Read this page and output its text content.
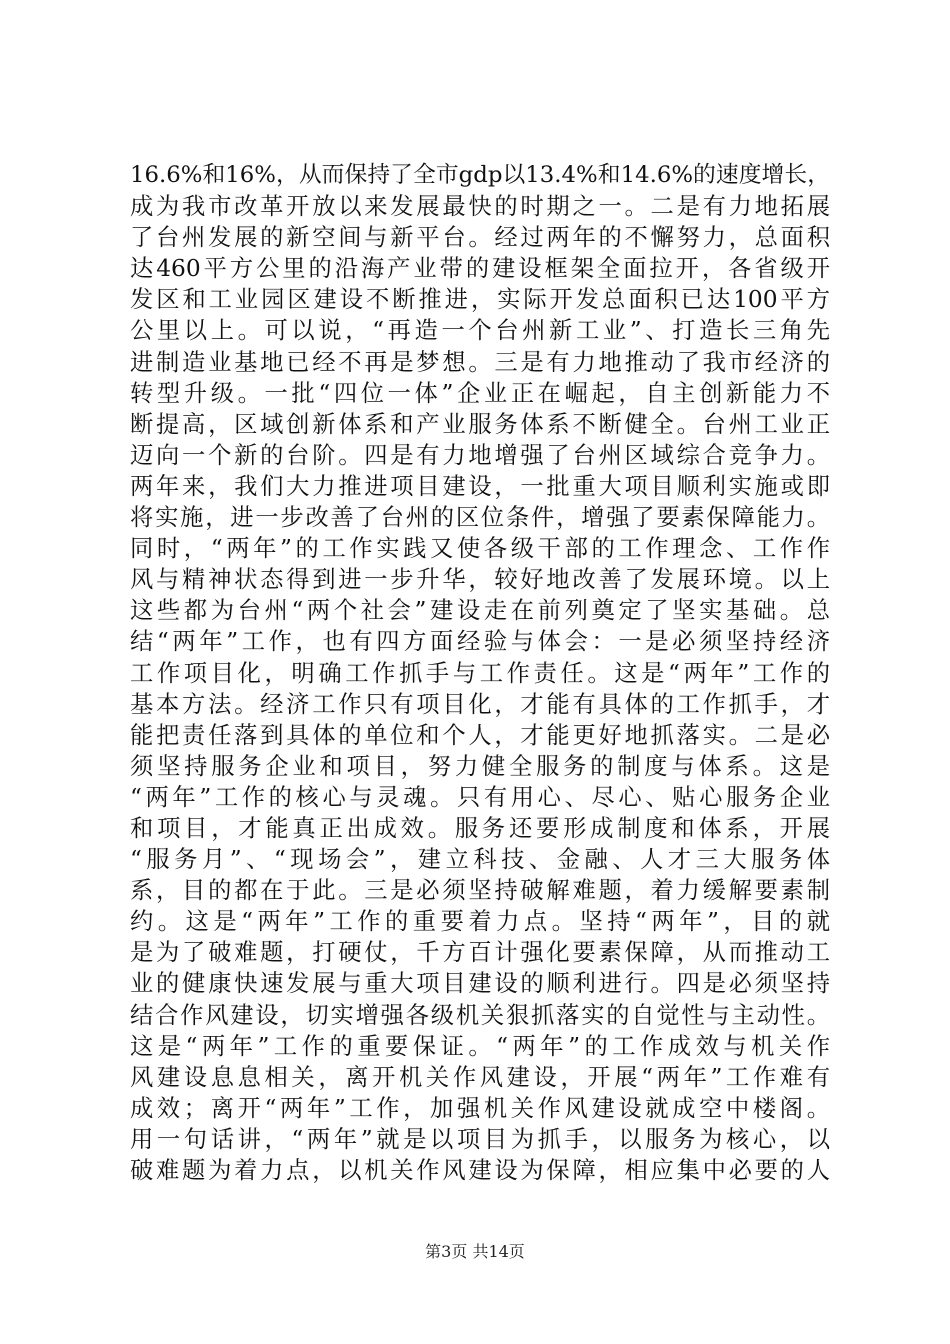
16.6%和16%，从而保持了全市gdp以13.4%和14.6%的速度增长，
成为我市改革开放以来发展最快的时期之一。二是有力地拓展
了台州发展的新空间与新平台。经过两年的不懈努力，总面积
达460平方公里的沿海产业带的建设框架全面拉开，各省级开
发区和工业园区建设不断推进，实际开发总面积已达100平方
公里以上。可以说，“再造一个台州新工业”、打造长三角先
进制造业基地已经不再是梦想。三是有力地推动了我市经济的
转型升级。一批“四位一体”企业正在崛起，自主创新能力不
断提高，区域创新体系和产业服务体系不断健全。台州工业正
迈向一个新的台阶。四是有力地增强了台州区域综合竞争力。
两年来，我们大力推进项目建设，一批重大项目顺利实施或即
将实施，进一步改善了台州的区位条件，增强了要素保障能力。
同时，“两年”的工作实践又使各级干部的工作理念、工作作
风与精神状态得到进一步升华，较好地改善了发展环境。以上
这些都为台州“两个社会”建设走在前列奠定了坚实基础。总
结“两年”工作，也有四方面经验与体会：一是必须坚持经济
工作项目化，明确工作抓手与工作责任。这是“两年”工作的
基本方法。经济工作只有项目化，才能有具体的工作抓手，才
能把责任落到具体的单位和个人，才能更好地抓落实。二是必
须坚持服务企业和项目，努力健全服务的制度与体系。这是
“两年”工作的核心与灵魂。只有用心、尽心、贴心服务企业
和项目，才能真正出成效。服务还要形成制度和体系，开展
“服务月”、“现场会”，建立科技、金融、人才三大服务体
系，目的都在于此。三是必须坚持破解难题，着力缓解要素制
约。这是“两年”工作的重要着力点。坚持“两年”，目的就
是为了破难题，打硬仗，千方百计强化要素保障，从而推动工
业的健康快速发展与重大项目建设的顺利进行。四是必须坚持
结合作风建设，切实增强各级机关狠抓落实的自觉性与主动性。
这是“两年”工作的重要保证。“两年”的工作成效与机关作
风建设息息相关，离开机关作风建设，开展“两年”工作难有
成效；离开“两年”工作，加强机关作风建设就成空中楼阁。
用一句话讲，“两年”就是以项目为抓手，以服务为核心，以
破难题为着力点，以机关作风建设为保障，相应集中必要的人
第3页 共14页
